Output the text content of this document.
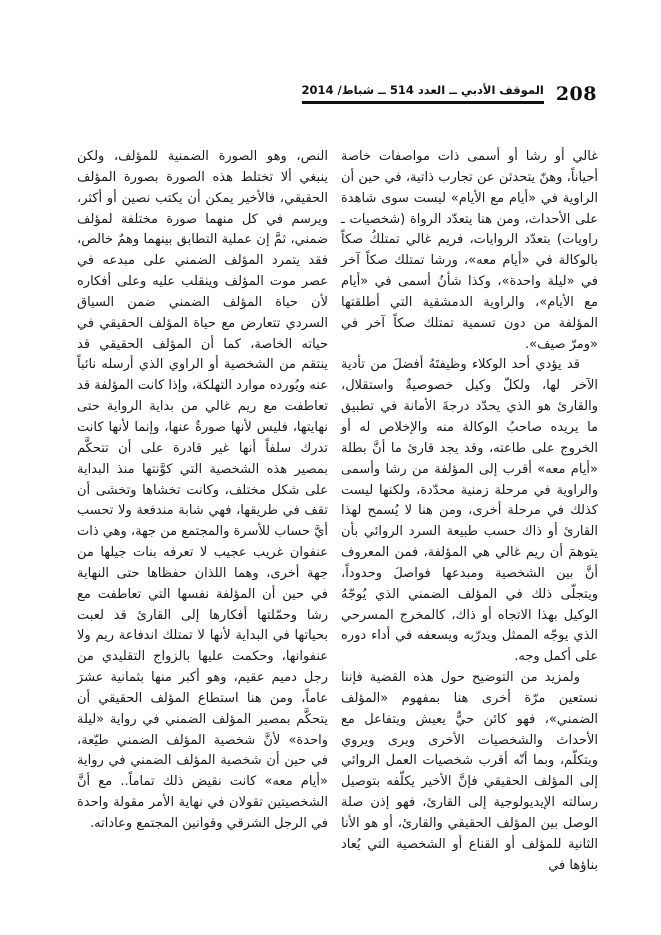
208
الموقف الأدبي ــ العدد 514 ــ شباط/ 2014

غالي أو رشا أو أسمى ذات مواصفات خاصة أحياناً، وهنّ يتحدثن عن تجارب ذاتية، في حين أن الراوية في «أيام مع الأيام» ليست سوى شاهدة على الأحداث، ومن هنا يتعدّد الرواة (شخصيات ـ راويات) بتعدّد الروايات، فريم غالي تمتلكُ صكاً بالوكالة في «أيام معه»، ورشا تمتلك صكاً آخر في «ليلة واحدة»، وكذا شأنُ أسمى في «أيام مع الأيام»، والراوية الدمشقية التي أطلقتها المؤلفة من دون تسمية تمتلك صكاً آخر في «ومرّ صيف».

قد يؤدي أحد الوكلاء وظيفتَهُ أفضلَ من تأدية الآخر لها، ولكلّ وكيل خصوصيةٌ واستقلال، والقارئ هو الذي يحدّد درجةَ الأمانة في تطبيق ما يريده صاحبُ الوكالة منه والإخلاص له أو الخروج على طاعته، وقد يجد قارئ ما أنَّ بطلة «أيام معه» أقرب إلى المؤلفة من رشا وأسمى والراوية في مرحلة زمنية محدّدة، ولكنها ليست كذلك في مرحلة أخرى، ومن هنا لا يُسمح لهذا القارئ أو ذاك حسب طبيعة السرد الروائي بأن يتوهمَ أن ريم غالي هي المؤلفة، فمن المعروف أنَّ بين الشخصية ومبدعها فواصلَ وحدوداً، ويتجلّى ذلك في المؤلف الضمني الذي يُوجّهُ الوكيل بهذا الاتجاه أو ذاك، كالمخرج المسرحي الذي يوجّه الممثل ويدرّبه ويسعفه في أداء دوره على أكمل وجه.

ولمزيد من التوضيح حول هذه القضية فإننا نستعين مرّة أخرى هنا بمفهوم «المؤلف الضمني»، فهو كائن حيٌّ يعيش ويتفاعل مع الأحداث والشخصيات الأخرى ويرى ويروي ويتكلّم، وبما أنّه أقرب شخصيات العمل الروائي إلى المؤلف الحقيقي فإنَّ الأخير يكلّفه بتوصيل رسالته الإيديولوجية إلى القارئ، فهو إذن صلة الوصل بين المؤلف الحقيقي والقارئ، أو هو الأنا الثانية للمؤلف أو القناع أو الشخصية التي يُعاد بناؤها في

النص، وهو الصورة الضمنية للمؤلف، ولكن ينبغي ألا تختلط هذه الصورة بصورة المؤلف الحقيقي، فالأخير يمكن أن يكتب نصين أو أكثر، ويرسم في كل منهما صورة مختلفة لمؤلف ضمني، ثمَّ إن عملية التطابق بينهما وهمٌ خالص، فقد يتمرد المؤلف الضمني على مبدعه في عصر موت المؤلف وينقلب عليه وعلى أفكاره لأن حياة المؤلف الضمني ضمن السياق السردي تتعارض مع حياة المؤلف الحقيقي في حياته الخاصة، كما أن المؤلف الحقيقي قد ينتقم من الشخصية أو الراوي الذي أرسله نائباً عنه ويُورده موارد التهلكة، وإذا كانت المؤلفة قد تعاطفت مع ريم غالي من بداية الرواية حتى نهايتها، فليس لأنها صورةٌ عنها، وإنما لأنها كانت تدرك سلفاً أنها غير قادرة على أن تتحكَّم بمصير هذه الشخصية التي كوَّنتها منذ البداية على شكل مختلف، وكانت تخشاها وتخشى أن تقف في طريقها، فهي شابة مندفعة ولا تحسب أيَّ حساب للأسرة والمجتمع من جهة، وهي ذات عنفوان غريب عجيب لا تعرفه بنات جيلها من جهة أخرى، وهما اللذان حفظاها حتى النهاية في حين أن المؤلفة نفسها التي تعاطفت مع رشا وحمّلتها أفكارها إلى القارئ قد لعبت بحياتها في البداية لأنها لا تمتلك اندفاعة ريم ولا عنفوانها، وحكمت عليها بالزواج التقليدي من رجل دميم عقيم، وهو أكبر منها بثمانية عشرَ عاماً، ومن هنا استطاع المؤلف الحقيقي أن يتحكَّم بمصير المؤلف الضمني في رواية «ليلة واحدة» لأنَّ شخصية المؤلف الضمني طيّعة، في حين أن شخصية المؤلف الضمني في رواية «أيام معه» كانت نقيض ذلك تماماً.. مع أنَّ الشخصيتين تقولان في نهاية الأمر مقولة واحدة في الرجل الشرقي وقوانين المجتمع وعاداته.
